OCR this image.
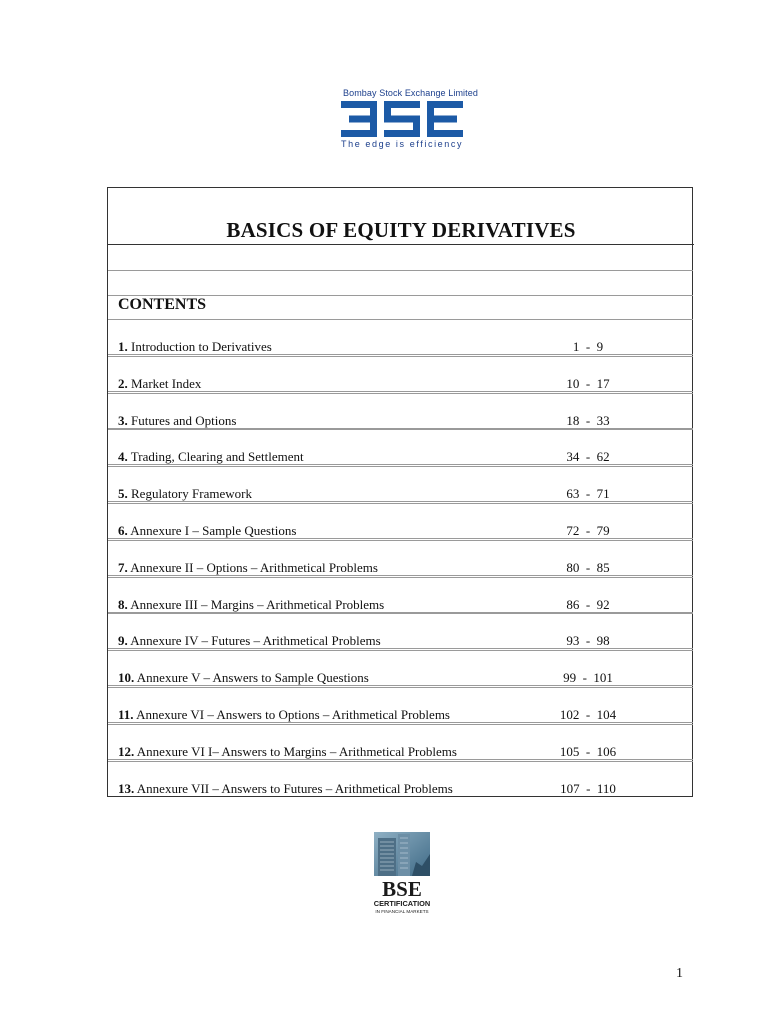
Bombay Stock Exchange Limited
The edge is efficiency
BASICS OF EQUITY DERIVATIVES
CONTENTS
1. Introduction to Derivatives	1  -  9
2. Market Index	10  -  17
3. Futures and Options	18  -  33
4. Trading, Clearing and Settlement	34  -  62
5. Regulatory Framework	63  -  71
6. Annexure I – Sample Questions	72  -  79
7. Annexure II – Options – Arithmetical Problems	80  -  85
8. Annexure III – Margins – Arithmetical Problems	86  -  92
9. Annexure IV – Futures – Arithmetical Problems	93  -  98
10. Annexure V – Answers to Sample Questions	99  -  101
11. Annexure VI – Answers to Options – Arithmetical Problems	102  -  104
12. Annexure VI I– Answers to Margins – Arithmetical Problems	105  -  106
13. Annexure VII – Answers to Futures – Arithmetical Problems	107  -  110
BSE
CERTIFICATION
IN FINANCIAL MARKETS
1
